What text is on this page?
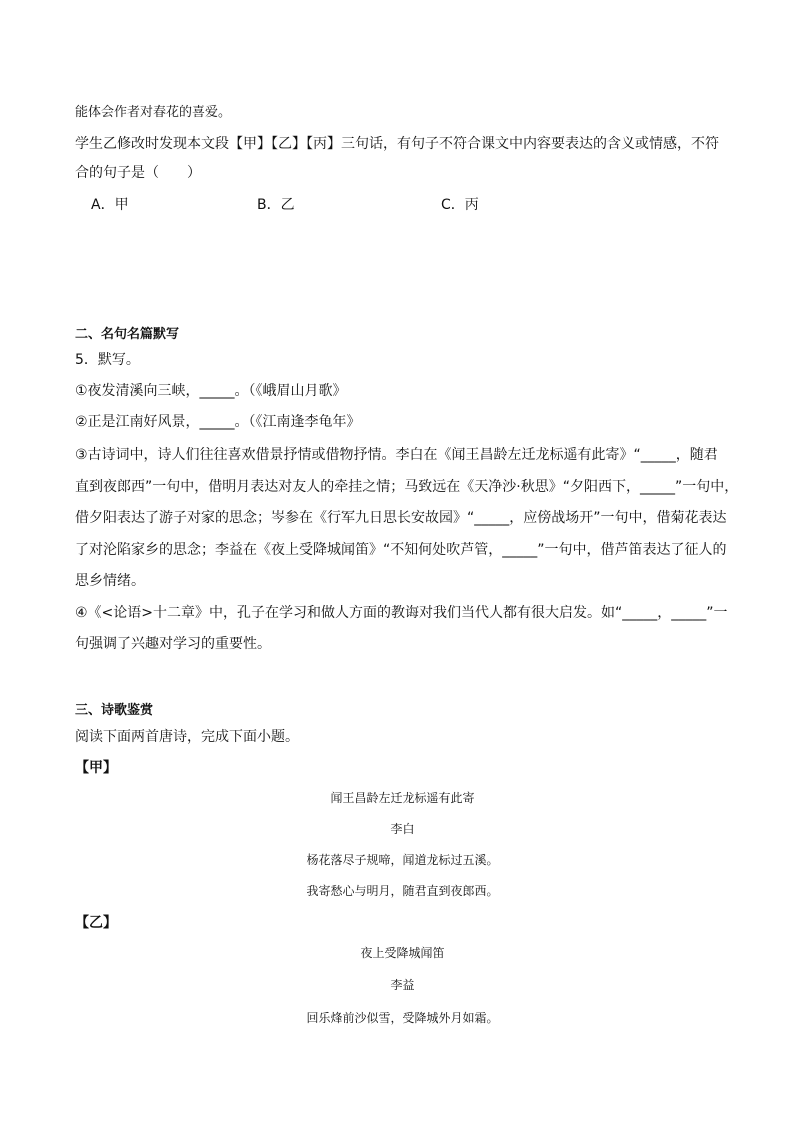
能体会作者对春花的喜爱。
学生乙修改时发现本文段【甲】【乙】【丙】三句话，有句子不符合课文中内容要表达的含义或情感，不符
合的句子是（　　）
A．甲	B．乙	C．丙
二、名句名篇默写
5．默写。
①夜发清溪向三峡，_____。（《峨眉山月歌》
②正是江南好风景，_____。（《江南逢李龟年》
③古诗词中，诗人们往往喜欢借景抒情或借物抒情。李白在《闻王昌龄左迁龙标遥有此寄》“_____，随君
直到夜郎西”一句中，借明月表达对友人的牵挂之情；马致远在《天净沙·秋思》“夕阳西下，_____”一句中，
借夕阳表达了游子对家的思念；岑参在《行军九日思长安故园》“_____，应傍战场开”一句中，借菊花表达
了对沦陷家乡的思念；李益在《夜上受降城闻笛》“不知何处吹芦管，_____”一句中，借芦笛表达了征人的
思乡情绪。
④《<论语>十二章》中，孔子在学习和做人方面的教诲对我们当代人都有很大启发。如“_____，_____”一
句强调了兴趣对学习的重要性。
三、诗歌鉴赏
阅读下面两首唐诗，完成下面小题。
【甲】
闻王昌龄左迁龙标遥有此寄
李白
杨花落尽子规啼，闻道龙标过五溪。
我寄愁心与明月，随君直到夜郎西。
【乙】
夜上受降城闻笛
李益
回乐烽前沙似雪，受降城外月如霜。
